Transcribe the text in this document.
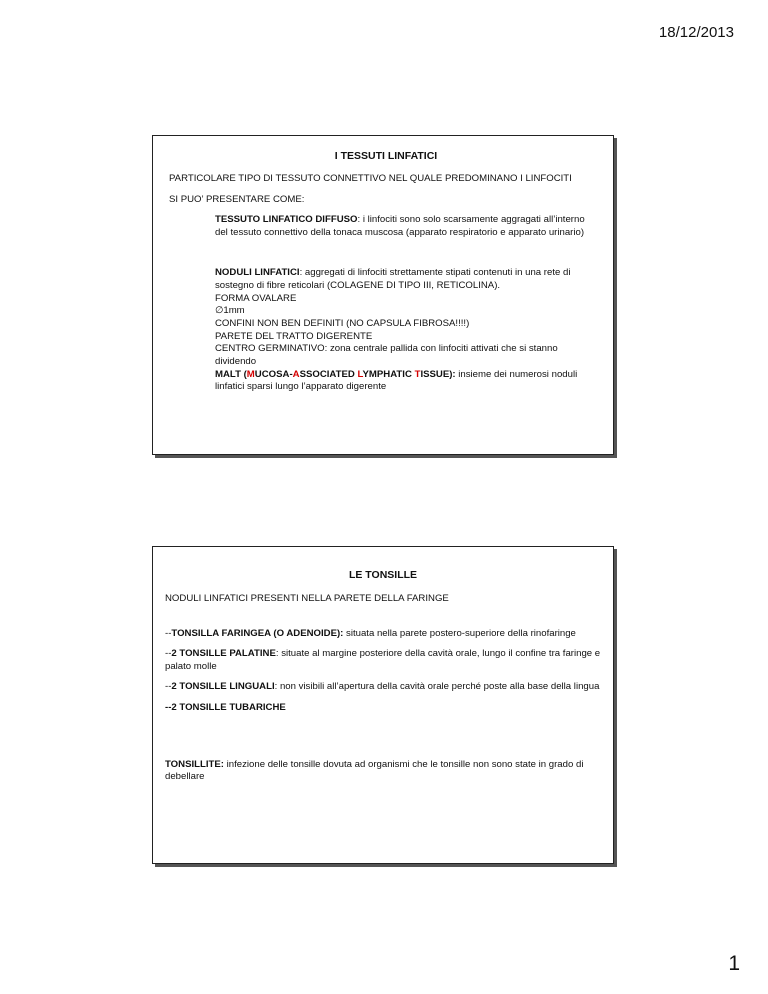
18/12/2013
I TESSUTI LINFATICI

PARTICOLARE TIPO DI TESSUTO CONNETTIVO NEL QUALE PREDOMINANO I LINFOCITI

SI PUO’ PRESENTARE COME:

TESSUTO LINFATICO DIFFUSO: i linfociti sono solo scarsamente aggragati all’interno del tessuto connettivo della tonaca muscosa (apparato respiratorio e apparato urinario)

NODULI LINFATICI: aggregati di linfociti strettamente stipati contenuti in una rete di sostegno di fibre reticolari (COLAGENE DI TIPO III, RETICOLINA).
FORMA OVALARE
∅1mm
CONFINI NON BEN DEFINITI (NO CAPSULA FIBROSA!!!!)
PARETE DEL TRATTO DIGERENTE
CENTRO GERMINATIVO: zona centrale pallida con linfociti attivati che si stanno dividendo
MALT (MUCOSA-ASSOCIATED LYMPHATIC TISSUE): insieme dei numerosi noduli linfatici sparsi lungo l’apparato digerente
LE TONSILLE

NODULI LINFATICI PRESENTI NELLA PARETE DELLA FARINGE

--TONSILLA FARINGEA (O ADENOIDE): situata nella parete postero-superiore della rinofaringe

--2 TONSILLE PALATINE: situate al margine posteriore della cavità orale, lungo il confine tra faringe e palato molle

--2 TONSILLE LINGUALI: non visibili all’apertura della cavità orale perché poste alla base della lingua

--2 TONSILLE TUBARICHE

TONSILLITE: infezione delle tonsille dovuta ad organismi che le tonsille non sono state in grado di debellare

1
